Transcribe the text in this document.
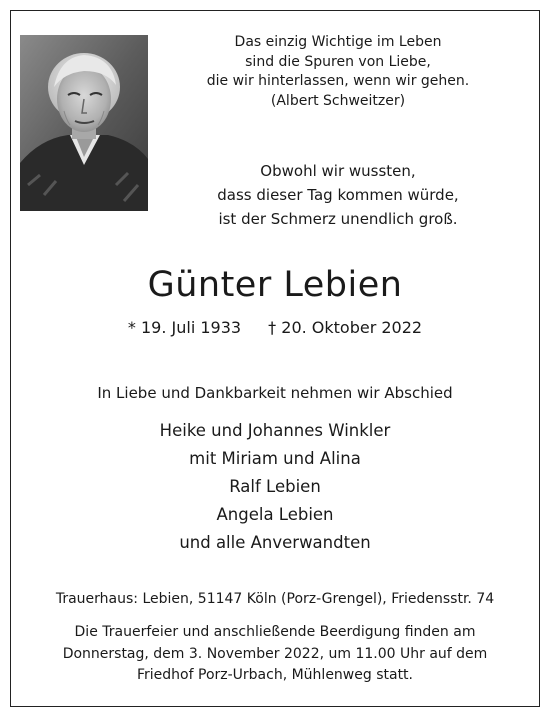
Das einzig Wichtige im Leben
sind die Spuren von Liebe,
die wir hinterlassen, wenn wir gehen.
(Albert Schweitzer)
Obwohl wir wussten,
dass dieser Tag kommen würde,
ist der Schmerz unendlich groß.
Günter Lebien
* 19. Juli 1933 † 20. Oktober 2022
In Liebe und Dankbarkeit nehmen wir Abschied
Heike und Johannes Winkler
mit Miriam und Alina
Ralf Lebien
Angela Lebien
und alle Anverwandten
Trauerhaus: Lebien, 51147 Köln (Porz-Grengel), Friedensstr. 74
Die Trauerfeier und anschließende Beerdigung finden am
Donnerstag, dem 3. November 2022, um 11.00 Uhr auf dem
Friedhof Porz-Urbach, Mühlenweg statt.
